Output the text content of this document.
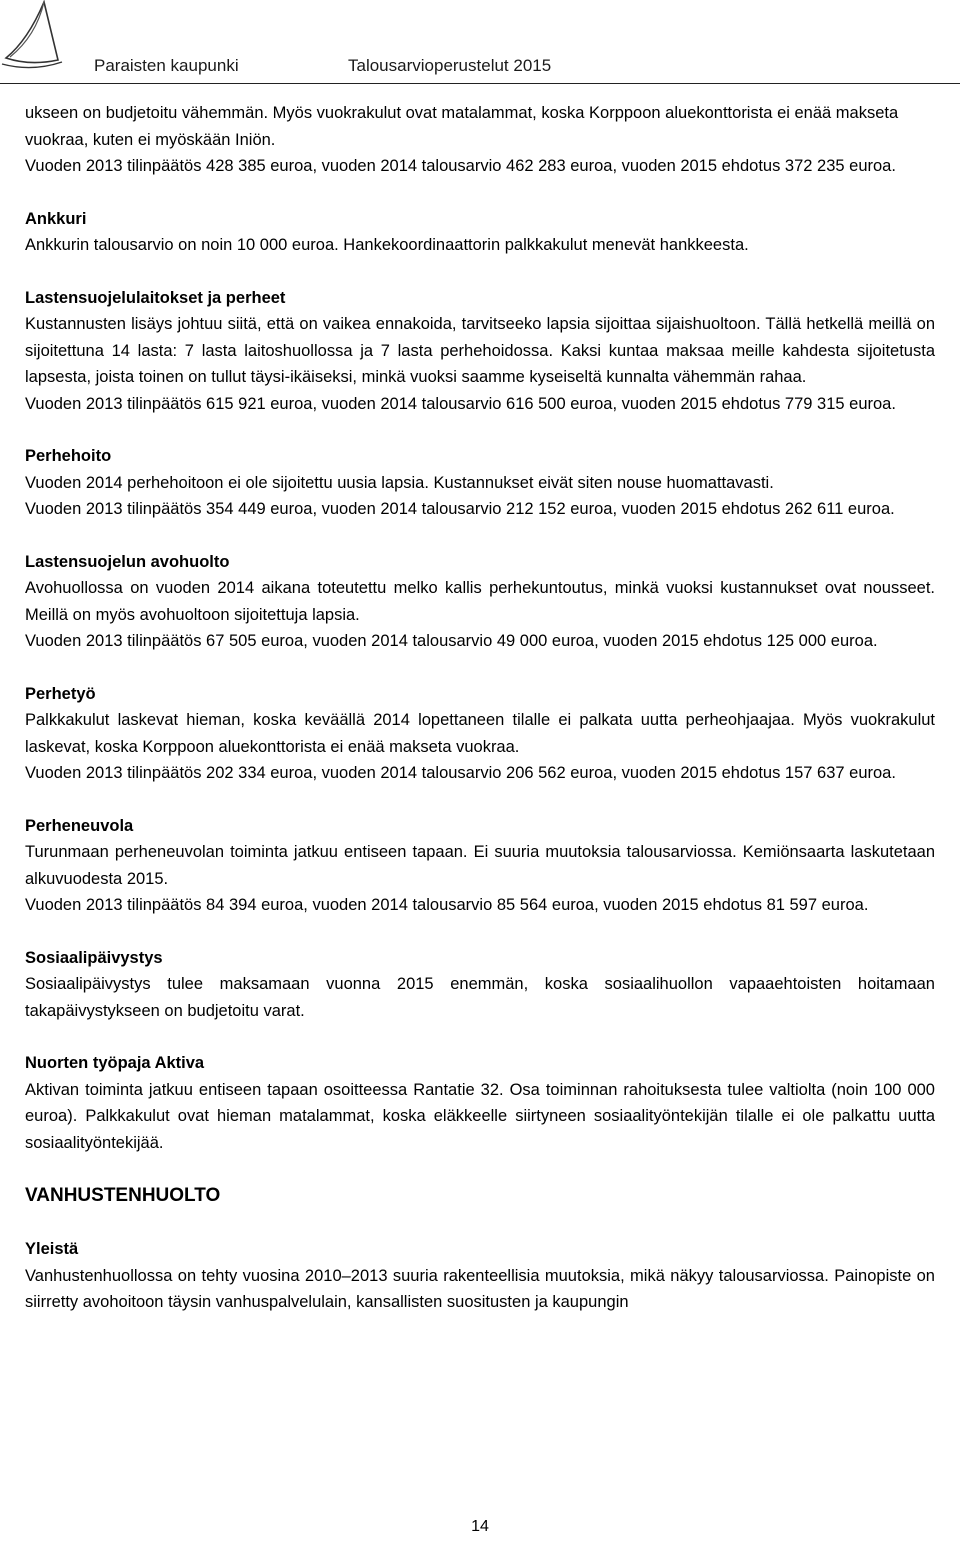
Paraisten kaupunki	Talousarvioperustelut 2015

ukseen on budjetoitu vähemmän. Myös vuokrakulut ovat matalammat, koska Korppoon aluekonttorista ei enää makseta vuokraa, kuten ei myöskään Iniön.

Vuoden 2013 tilinpäätös 428 385 euroa, vuoden 2014 talousarvio 462 283 euroa, vuoden 2015 ehdotus 372 235 euroa.

Ankkuri

Ankkurin talousarvio on noin 10 000 euroa. Hankekoordinaattorin palkkakulut menevät hankkeesta.

Lastensuojelulaitokset ja perheet

Kustannusten lisäys johtuu siitä, että on vaikea ennakoida, tarvitseeko lapsia sijoittaa sijaishuoltoon. Tällä hetkellä meillä on sijoitettuna 14 lasta: 7 lasta laitoshuollossa ja 7 lasta perhehoidossa. Kaksi kuntaa maksaa meille kahdesta sijoitetusta lapsesta, joista toinen on tullut täysi-ikäiseksi, minkä vuoksi saamme kyseiseltä kunnalta vähemmän rahaa.

Vuoden 2013 tilinpäätös 615 921 euroa, vuoden 2014 talousarvio 616 500 euroa, vuoden 2015 ehdotus 779 315 euroa.

Perhehoito

Vuoden 2014 perhehoitoon ei ole sijoitettu uusia lapsia. Kustannukset eivät siten nouse huomattavasti.

Vuoden 2013 tilinpäätös 354 449 euroa, vuoden 2014 talousarvio 212 152 euroa, vuoden 2015 ehdotus 262 611 euroa.

Lastensuojelun avohuolto

Avohuollossa on vuoden 2014 aikana toteutettu melko kallis perhekuntoutus, minkä vuoksi kustannukset ovat nousseet. Meillä on myös avohuoltoon sijoitettuja lapsia.

Vuoden 2013 tilinpäätös 67 505 euroa, vuoden 2014 talousarvio 49 000 euroa, vuoden 2015 ehdotus 125 000 euroa.

Perhetyö

Palkkakulut laskevat hieman, koska keväällä 2014 lopettaneen tilalle ei palkata uutta perheohjaajaa. Myös vuokrakulut laskevat, koska Korppoon aluekonttorista ei enää makseta vuokraa.

Vuoden 2013 tilinpäätös 202 334 euroa, vuoden 2014 talousarvio 206 562 euroa, vuoden 2015 ehdotus 157 637 euroa.

Perheneuvola

Turunmaan perheneuvolan toiminta jatkuu entiseen tapaan. Ei suuria muutoksia talousarviossa. Kemiönsaarta laskutetaan alkuvuodesta 2015.

Vuoden 2013 tilinpäätös 84 394 euroa, vuoden 2014 talousarvio 85 564 euroa, vuoden 2015 ehdotus 81 597 euroa.

Sosiaalipäivystys

Sosiaalipäivystys tulee maksamaan vuonna 2015 enemmän, koska sosiaalihuollon vapaaehtoisten hoitamaan takapäivystykseen on budjetoitu varat.

Nuorten työpaja Aktiva

Aktivan toiminta jatkuu entiseen tapaan osoitteessa Rantatie 32. Osa toiminnan rahoituksesta tulee valtiolta (noin 100 000 euroa). Palkkakulut ovat hieman matalammat, koska eläkkeelle siirtyneen sosiaalityöntekijän tilalle ei ole palkattu uutta sosiaalityöntekijää.

VANHUSTENHUOLTO
Yleistä

Vanhustenhuollossa on tehty vuosina 2010–2013 suuria rakenteellisia muutoksia, mikä näkyy talousarviossa. Painopiste on siirretty avohoitoon täysin vanhuspalvelulain, kansallisten suositusten ja kaupungin

14
